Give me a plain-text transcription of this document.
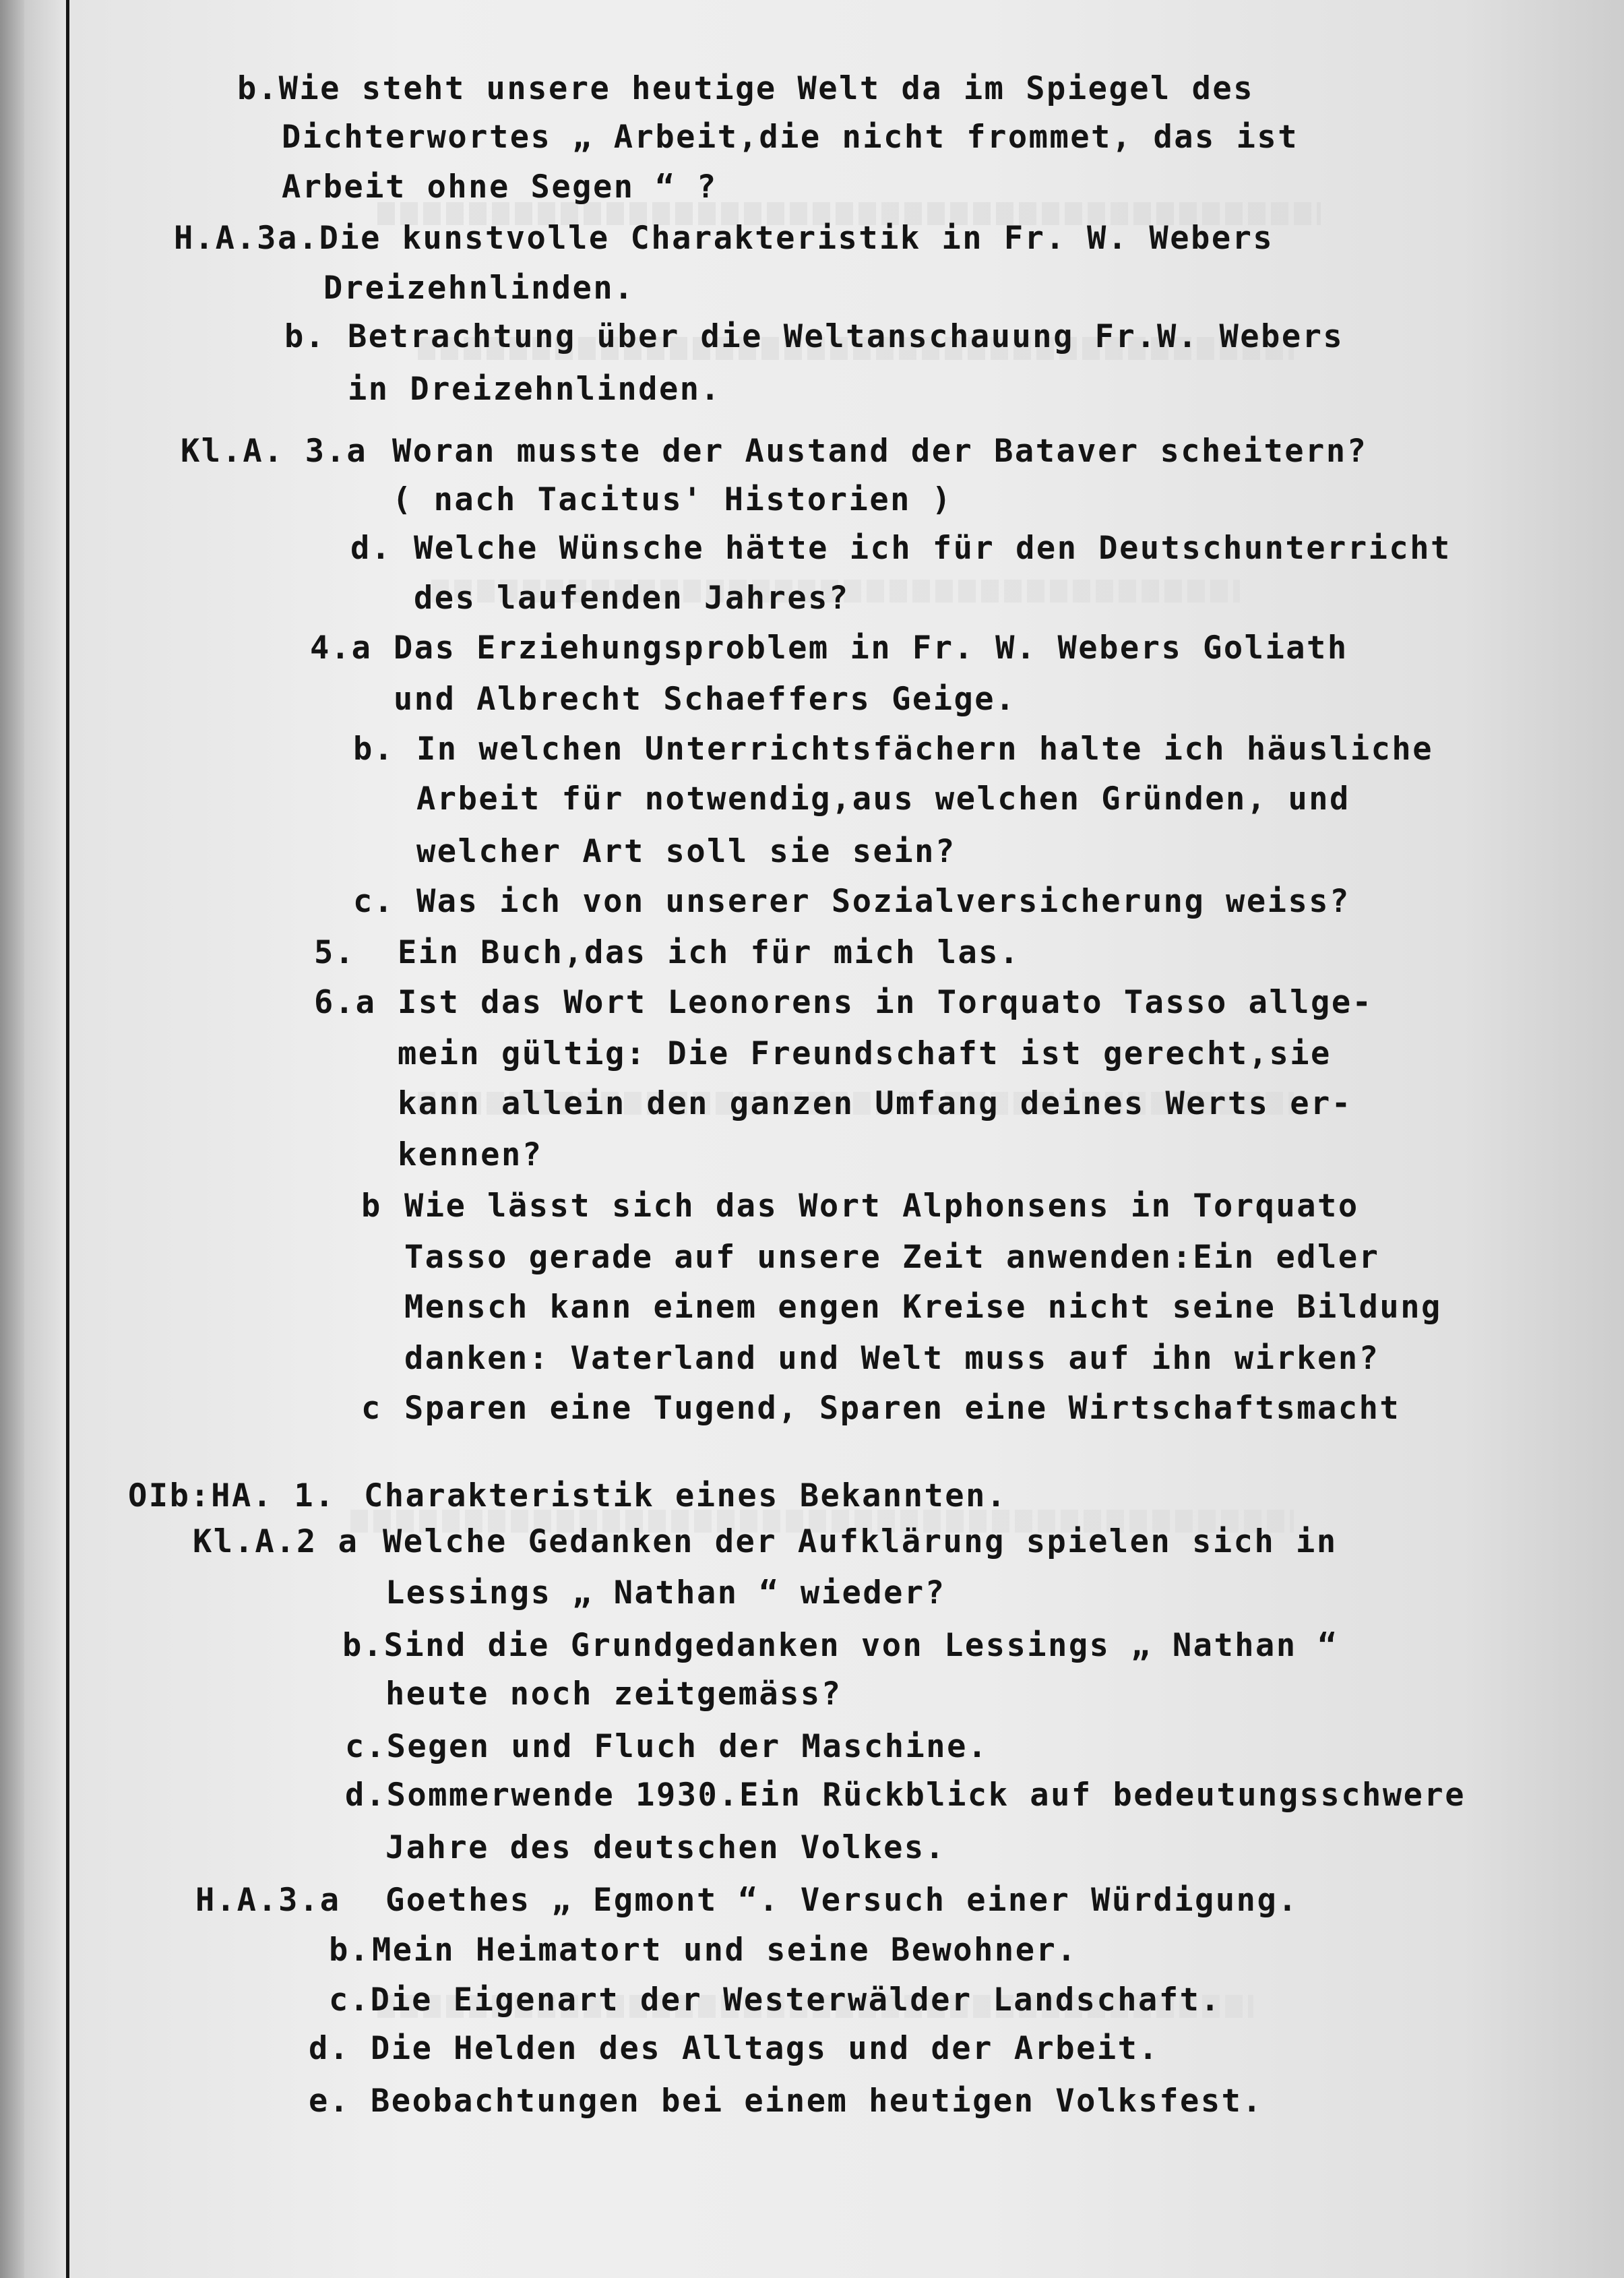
b.Wie steht unsere heutige Welt da im Spiegel des
Dichterwortes „ Arbeit,die nicht frommet, das ist
Arbeit ohne Segen “ ?
H.A.3a.Die kunstvolle Charakteristik in Fr. W. Webers
Dreizehnlinden.
b. Betrachtung über die Weltanschauung Fr.W. Webers
in Dreizehnlinden.
Kl.A. 3.a Woran musste der Austand der Bataver scheitern?
( nach Tacitus' Historien )
d. Welche Wünsche hätte ich für den Deutschunterricht
des laufenden Jahres?
4.a Das Erziehungsproblem in Fr. W. Webers Goliath
und Albrecht Schaeffers Geige.
b. In welchen Unterrichtsfächern halte ich häusliche
Arbeit für notwendig,aus welchen Gründen, und
welcher Art soll sie sein?
c. Was ich von unserer Sozialversicherung weiss?
5. Ein Buch,das ich für mich las.
6.a Ist das Wort Leonorens in Torquato Tasso allge-
mein gültig: Die Freundschaft ist gerecht,sie
kann allein den ganzen Umfang deines Werts er-
kennen?
b Wie lässt sich das Wort Alphonsens in Torquato
Tasso gerade auf unsere Zeit anwenden:Ein edler
Mensch kann einem engen Kreise nicht seine Bildung
danken: Vaterland und Welt muss auf ihn wirken?
c Sparen eine Tugend, Sparen eine Wirtschaftsmacht
OIb:HA. 1. Charakteristik eines Bekannten.
Kl.A.2 a Welche Gedanken der Aufklärung spielen sich in
Lessings „ Nathan “ wieder?
b.Sind die Grundgedanken von Lessings „ Nathan “
heute noch zeitgemäss?
c.Segen und Fluch der Maschine.
d.Sommerwende 1930.Ein Rückblick auf bedeutungsschwere
Jahre des deutschen Volkes.
H.A.3.a Goethes „ Egmont “. Versuch einer Würdigung.
b.Mein Heimatort und seine Bewohner.
c.Die Eigenart der Westerwälder Landschaft.
d. Die Helden des Alltags und der Arbeit.
e. Beobachtungen bei einem heutigen Volksfest.
